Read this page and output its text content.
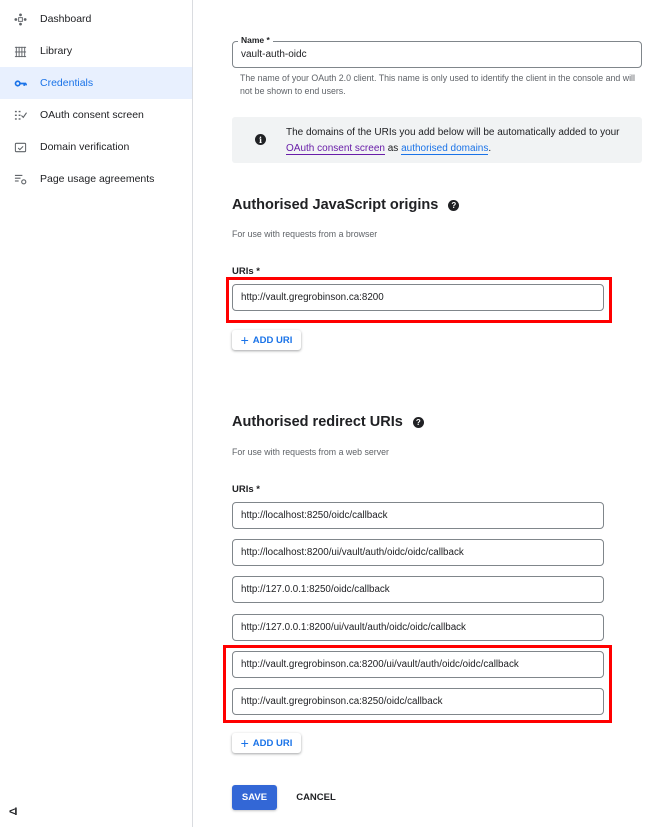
Dashboard
Library
Credentials
OAuth consent screen
Domain verification
Page usage agreements
<I
Name *
vault-auth-oidc
The name of your OAuth 2.0 client. This name is only used to identify the client in the console and will not be shown to end users.
i
The domains of the URIs you add below will be automatically added to your OAuth consent screen as authorised domains.
Authorised JavaScript origins	?
For use with requests from a browser
URIs *
http://vault.gregrobinson.ca:8200
+ ADD URI
Authorised redirect URIs	?
For use with requests from a web server
URIs *
http://localhost:8250/oidc/callback
http://localhost:8200/ui/vault/auth/oidc/oidc/callback
http://127.0.0.1:8250/oidc/callback
http://127.0.0.1:8200/ui/vault/auth/oidc/oidc/callback
http://vault.gregrobinson.ca:8200/ui/vault/auth/oidc/oidc/callback
http://vault.gregrobinson.ca:8250/oidc/callback
+ ADD URI
SAVE	CANCEL
